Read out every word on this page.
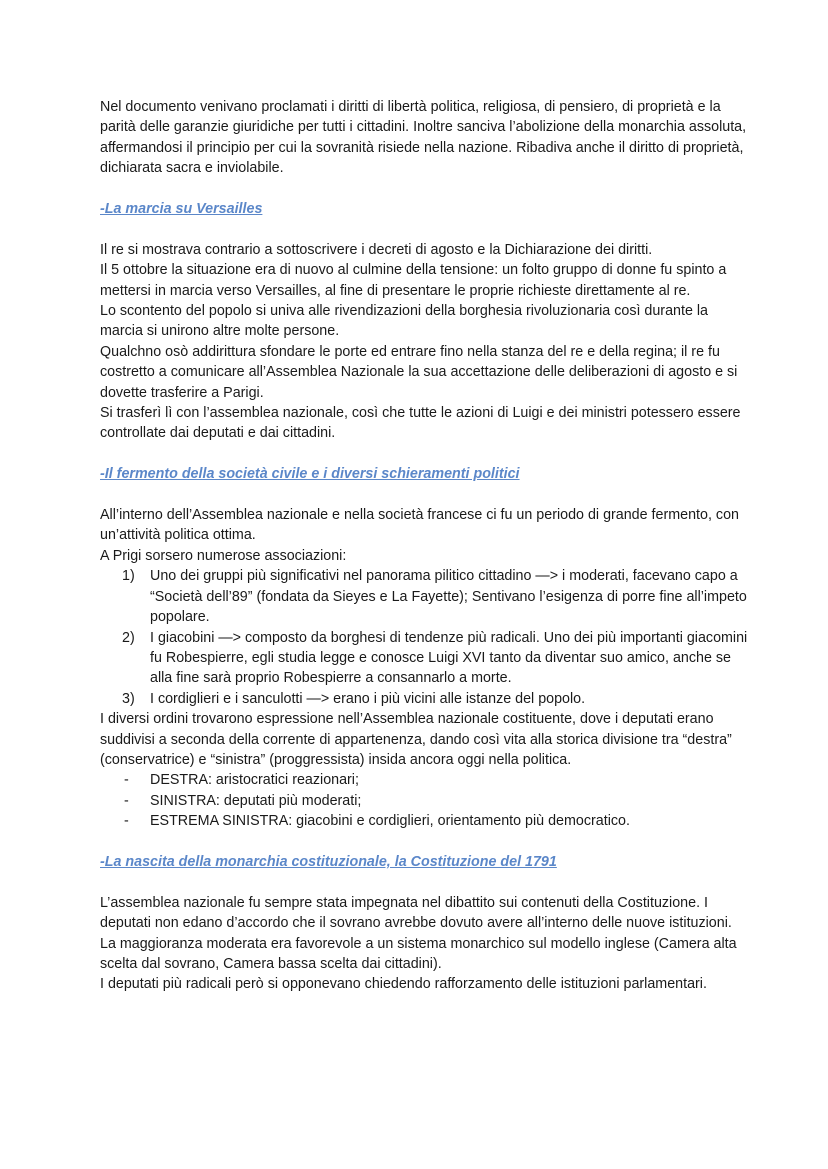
Nel documento venivano proclamati i diritti di libertà politica, religiosa, di pensiero, di proprietà e la parità delle garanzie giuridiche per tutti i cittadini. Inoltre sanciva l’abolizione della monarchia assoluta, affermandosi il principio per cui la sovranità risiede nella nazione. Ribadiva anche il diritto di proprietà, dichiarata sacra e inviolabile.

-La marcia su Versailles

Il re si mostrava contrario a sottoscrivere i decreti di agosto e la Dichiarazione dei diritti.

Il 5 ottobre la situazione era di nuovo al culmine della tensione: un folto gruppo di donne fu spinto a mettersi in marcia verso Versailles, al fine di presentare le proprie richieste direttamente al re.

Lo scontento del popolo si univa alle rivendizazioni della borghesia rivoluzionaria così durante la marcia si unirono altre molte persone.

Qualchno osò addirittura sfondare le porte ed entrare fino nella stanza del re e della regina; il re fu costretto a comunicare all’Assemblea Nazionale la sua accettazione delle deliberazioni di agosto e si dovette trasferire a Parigi.

Si trasferì lì con l’assemblea nazionale, così che tutte le azioni di Luigi e dei ministri potessero essere controllate dai deputati e dai cittadini.

-Il fermento della società civile e i diversi schieramenti politici

All’interno dell’Assemblea nazionale e nella società francese ci fu un periodo di grande fermento, con un’attività politica ottima.

A Prigi sorsero numerose associazioni:

1) Uno dei gruppi più significativi nel panorama pilitico cittadino —> i moderati, facevano capo a “Società dell’89” (fondata da Sieyes e La Fayette); Sentivano l’esigenza di porre fine all’impeto popolare.
2) I giacobini —> composto da borghesi di tendenze più radicali. Uno dei più importanti giacomini fu Robespierre, egli studia legge e conosce Luigi XVI tanto da diventar suo amico, anche se alla fine sarà proprio Robespierre a consannarlo a morte.
3) I cordiglieri e i sanculotti —> erano i più vicini alle istanze del popolo.

I diversi ordini trovarono espressione nell’Assemblea nazionale costituente, dove i deputati erano suddivisi a seconda della corrente di appartenenza, dando così vita alla storica divisione tra “destra” (conservatrice) e “sinistra” (proggressista) insida ancora oggi nella politica.

- DESTRA: aristocratici reazionari;
- SINISTRA: deputati più moderati;
- ESTREMA SINISTRA: giacobini e cordiglieri, orientamento più democratico.

-La nascita della monarchia costituzionale, la Costituzione del 1791

L’assemblea nazionale fu sempre stata impegnata nel dibattito sui contenuti della Costituzione. I deputati non edano d’accordo che il sovrano avrebbe dovuto avere all’interno delle nuove istituzioni.

La maggioranza moderata era favorevole a un sistema monarchico sul modello inglese (Camera alta scelta dal sovrano, Camera bassa scelta dai cittadini).

I deputati più radicali però si opponevano chiedendo rafforzamento delle istituzioni parlamentari.
